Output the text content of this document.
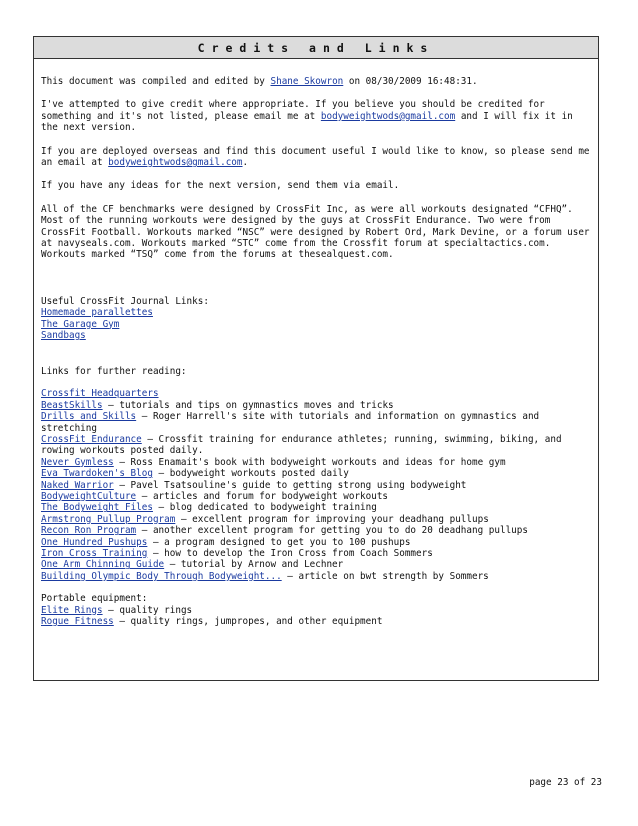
Credits and Links

This document was compiled and edited by Shane Skowron on 08/30/2009 16:48:31.

I've attempted to give credit where appropriate. If you believe you should be credited for something and it's not listed, please email me at bodyweightwods@gmail.com and I will fix it in the next version.

If you are deployed overseas and find this document useful I would like to know, so please send me an email at bodyweightwods@gmail.com.

If you have any ideas for the next version, send them via email.

All of the CF benchmarks were designed by CrossFit Inc, as were all workouts designated “CFHQ”. Most of the running workouts were designed by the guys at CrossFit Endurance. Two were from CrossFit Football. Workouts marked “NSC” were designed by Robert Ord, Mark Devine, or a forum user at navyseals.com. Workouts marked “STC” come from the Crossfit forum at specialtactics.com. Workouts marked “TSQ” come from the forums at thesealquest.com.

Useful CrossFit Journal Links:
Homemade parallettes
The Garage Gym
Sandbags

Links for further reading:
Crossfit Headquarters
BeastSkills – tutorials and tips on gymnastics moves and tricks
Drills and Skills – Roger Harrell's site with tutorials and information on gymnastics and stretching
CrossFit Endurance – Crossfit training for endurance athletes; running, swimming, biking, and rowing workouts posted daily.
Never Gymless – Ross Enamait's book with bodyweight workouts and ideas for home gym
Eva Twardoken's Blog – bodyweight workouts posted daily
Naked Warrior – Pavel Tsatsouline's guide to getting strong using bodyweight
BodyweightCulture – articles and forum for bodyweight workouts
The Bodyweight Files – blog dedicated to bodyweight training
Armstrong Pullup Program – excellent program for improving your deadhang pullups
Recon Ron Program – another excellent program for getting you to do 20 deadhang pullups
One Hundred Pushups – a program designed to get you to 100 pushups
Iron Cross Training – how to develop the Iron Cross from Coach Sommers
One Arm Chinning Guide – tutorial by Arnow and Lechner
Building Olympic Body Through Bodyweight... – article on bwt strength by Sommers

Portable equipment:
Elite Rings – quality rings
Rogue Fitness – quality rings, jumpropes, and other equipment

page 23 of 23
